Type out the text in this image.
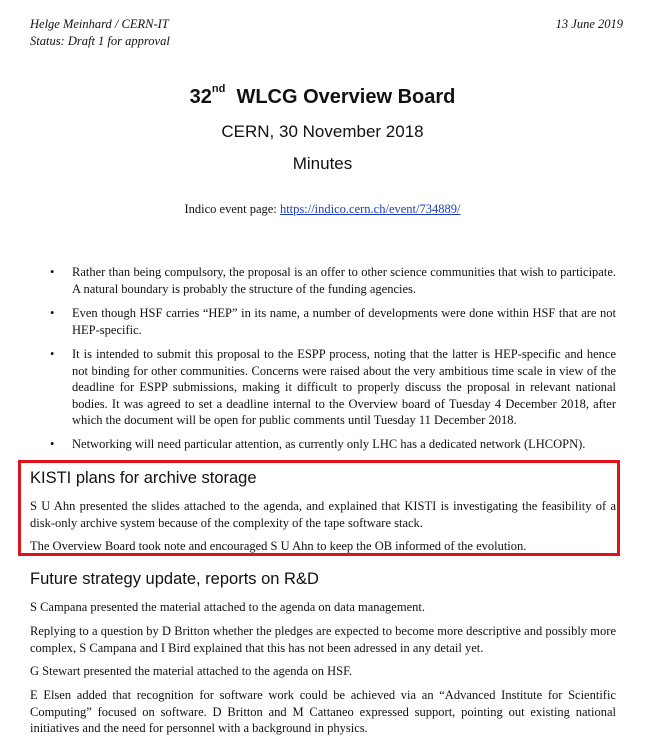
Helge Meinhard / CERN-IT
Status: Draft 1 for approval
13 June 2019
32nd WLCG Overview Board
CERN, 30 November 2018
Minutes
Indico event page: https://indico.cern.ch/event/734889/
• Rather than being compulsory, the proposal is an offer to other science communities that wish to participate. A natural boundary is probably the structure of the funding agencies.
• Even though HSF carries “HEP” in its name, a number of developments were done within HSF that are not HEP-specific.
• It is intended to submit this proposal to the ESPP process, noting that the latter is HEP-specific and hence not binding for other communities. Concerns were raised about the very ambitious time scale in view of the deadline for ESPP submissions, making it difficult to properly discuss the proposal in relevant national bodies. It was agreed to set a deadline internal to the Overview board of Tuesday 4 December 2018, after which the document will be open for public comments until Tuesday 11 December 2018.
• Networking will need particular attention, as currently only LHC has a dedicated network (LHCOPN).
KISTI plans for archive storage
S U Ahn presented the slides attached to the agenda, and explained that KISTI is investigating the feasibility of a disk-only archive system because of the complexity of the tape software stack.
The Overview Board took note and encouraged S U Ahn to keep the OB informed of the evolution.
Future strategy update, reports on R&D
S Campana presented the material attached to the agenda on data management.
Replying to a question by D Britton whether the pledges are expected to become more descriptive and possibly more complex, S Campana and I Bird explained that this has not been adressed in any detail yet.
G Stewart presented the material attached to the agenda on HSF.
E Elsen added that recognition for software work could be achieved via an “Advanced Institute for Scientific Computing” focused on software. D Britton and M Cattaneo expressed support, pointing out existing national initiatives and the need for personnel with a background in physics.
